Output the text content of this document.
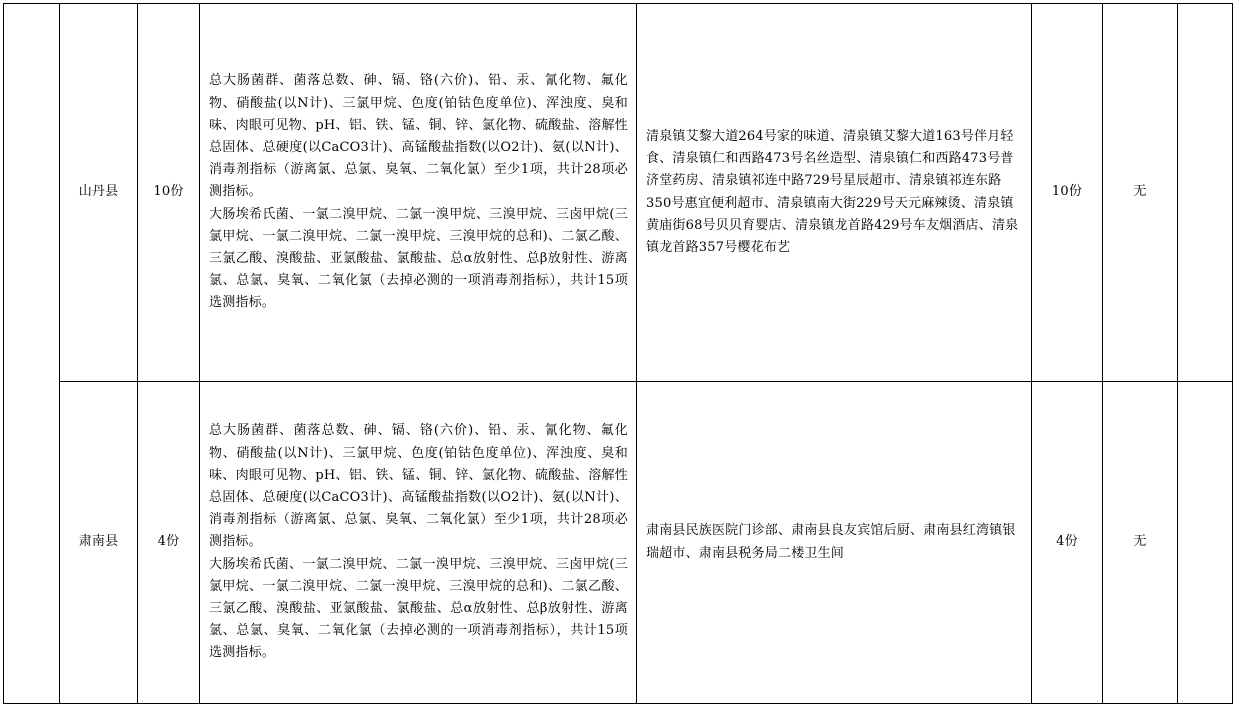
	山丹县	10份	总大肠菌群、菌落总数、砷、镉、铬(六价)、铅、汞、氰化物、氟化物、硝酸盐(以N计)、三氯甲烷、色度(铂钴色度单位)、浑浊度、臭和味、肉眼可见物、pH、铝、铁、锰、铜、锌、氯化物、硫酸盐、溶解性总固体、总硬度(以CaCO3计)、高锰酸盐指数(以O2计)、氨(以N计)、消毒剂指标（游离氯、总氯、臭氧、二氧化氯）至少1项，共计28项必测指标。

大肠埃希氏菌、一氯二溴甲烷、二氯一溴甲烷、三溴甲烷、三卤甲烷(三氯甲烷、一氯二溴甲烷、二氯一溴甲烷、三溴甲烷的总和)、二氯乙酸、三氯乙酸、溴酸盐、亚氯酸盐、氯酸盐、总α放射性、总β放射性、游离氯、总氯、臭氧、二氧化氯（去掉必测的一项消毒剂指标），共计15项选测指标。	清泉镇艾黎大道264号家的味道、清泉镇艾黎大道163号伴月轻食、清泉镇仁和西路473号名丝造型、清泉镇仁和西路473号普济堂药房、清泉镇祁连中路729号星辰超市、清泉镇祁连东路350号惠宜便利超市、清泉镇南大街229号天元麻辣烫、清泉镇黄庙街68号贝贝育婴店、清泉镇龙首路429号车友烟酒店、清泉镇龙首路357号樱花布艺	10份	无	
	肃南县	4份	总大肠菌群、菌落总数、砷、镉、铬(六价)、铅、汞、氰化物、氟化物、硝酸盐(以N计)、三氯甲烷、色度(铂钴色度单位)、浑浊度、臭和味、肉眼可见物、pH、铝、铁、锰、铜、锌、氯化物、硫酸盐、溶解性总固体、总硬度(以CaCO3计)、高锰酸盐指数(以O2计)、氨(以N计)、消毒剂指标（游离氯、总氯、臭氧、二氧化氯）至少1项，共计28项必测指标。

大肠埃希氏菌、一氯二溴甲烷、二氯一溴甲烷、三溴甲烷、三卤甲烷(三氯甲烷、一氯二溴甲烷、二氯一溴甲烷、三溴甲烷的总和)、二氯乙酸、三氯乙酸、溴酸盐、亚氯酸盐、氯酸盐、总α放射性、总β放射性、游离氯、总氯、臭氧、二氧化氯（去掉必测的一项消毒剂指标），共计15项选测指标。	肃南县民族医院门诊部、肃南县良友宾馆后厨、肃南县红湾镇银瑞超市、肃南县税务局二楼卫生间	4份	无	
